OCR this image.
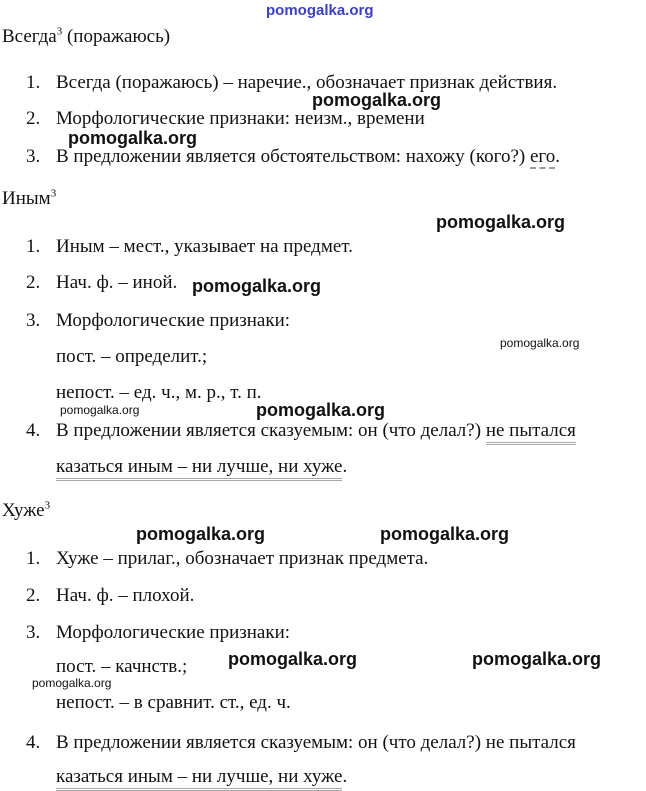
pomogalka.org
Всегда$^3$ (поражаюсь)
1. Всегда (поражаюсь) – наречие., обозначает признак действия.
pomogalka.org
2. Морфологические признаки: неизм., времени
pomogalka.org
3. В предложении является обстоятельством: нахожу (кого?) его.
Иным$^3$
pomogalka.org
1. Иным – мест., указывает на предмет.
2. Нач. ф. – иной. pomogalka.org
3. Морфологические признаки:
pomogalka.org
пост. – определит.;
непост. – ед. ч., м. р., т. п.
pomogalka.org	pomogalka.org
4. В предложении является сказуемым: он (что делал?) не пытался
казаться иным – ни лучше, ни хуже.
Хуже$^3$
pomogalka.org	pomogalka.org
1. Хуже – прилаг., обозначает признак предмета.
2. Нач. ф. – плохой.
3. Морфологические признаки:
пост. – качнств.; pomogalka.org	pomogalka.org
pomogalka.org
непост. – в сравнит. ст., ед. ч.
4. В предложении является сказуемым: он (что делал?) не пытался
казаться иным – ни лучше, ни хуже.
